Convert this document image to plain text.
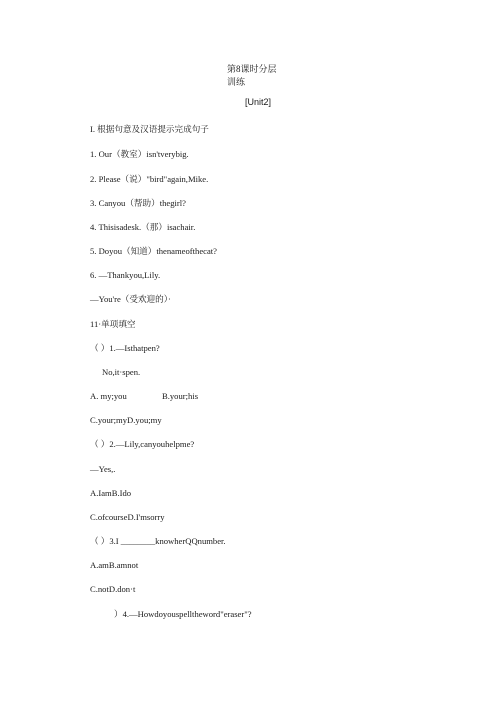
第8课时分层
训练
[Unit2]
I. 根据句意及汉语提示完成句子
1. Our（教室）isn'tverybig.
2. Please（说）"bird"again,Mike.
3. Canyou（帮助）thegirl?
4. Thisisadesk.（那）isachair.
5. Doyou（知道）thenameofthecat?
6. —Thankyou,Lily.
—You're（受欢迎的）·
11·单项填空
（ ）1.—Isthatpen?
No,it·spen.
A. my;you	B.your;his
C.your;myD.you;my
（ ）2.—Lily,canyouhelpme?
—Yes,.
A.IamB.Ido
C.ofcourseD.I'msorry
（ ）3.I ________knowherQQnumber.
A.amB.amnot
C.notD.don·t
）4.—Howdoyouspelltheword"eraser"?
